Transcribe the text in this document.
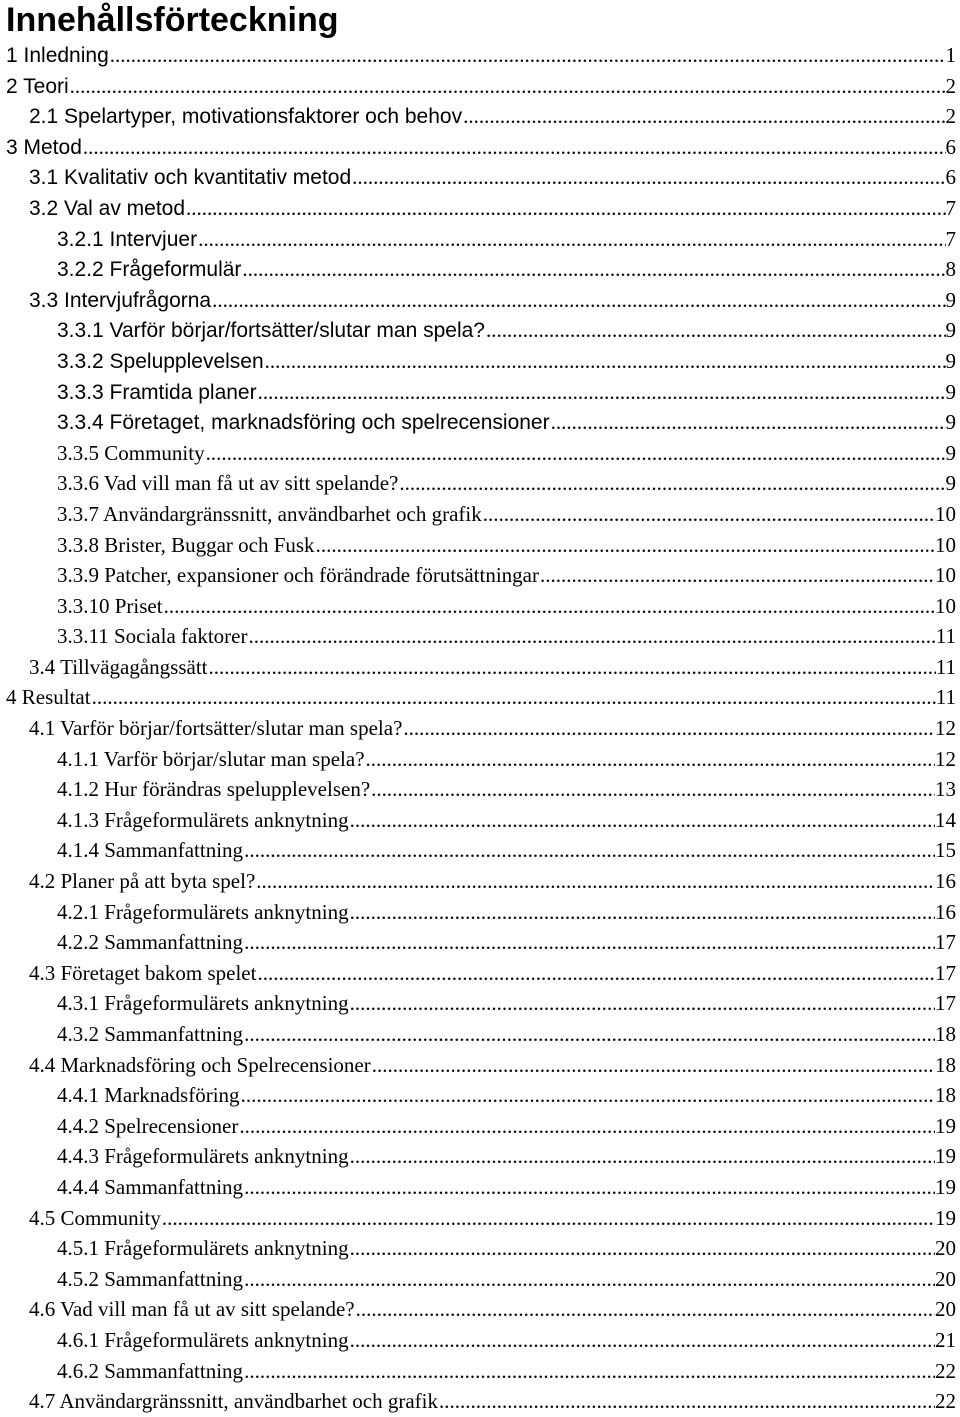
Innehållsförteckning
1 Inledning .....	1
2 Teori .....	2
2.1 Spelartyper, motivationsfaktorer och behov .....	2
3 Metod .....	6
3.1 Kvalitativ och kvantitativ metod .....	6
3.2 Val av metod .....	7
3.2.1 Intervjuer .....	7
3.2.2 Frågeformulär .....	8
3.3 Intervjufrågorna .....	9
3.3.1 Varför börjar/fortsätter/slutar man spela? .....	9
3.3.2 Spelupplevelsen .....	9
3.3.3 Framtida planer .....	9
3.3.4 Företaget, marknadsföring och spelrecensioner .....	9
3.3.5 Community .....	9
3.3.6 Vad vill man få ut av sitt spelande? .....	9
3.3.7 Användargränssnitt, användbarhet och grafik .....	10
3.3.8 Brister, Buggar och Fusk .....	10
3.3.9 Patcher, expansioner och förändrade förutsättningar .....	10
3.3.10 Priset .....	10
3.3.11 Sociala faktorer .....	11
3.4 Tillvägagångssätt .....	11
4 Resultat .....	11
4.1 Varför börjar/fortsätter/slutar man spela? .....	12
4.1.1 Varför börjar/slutar man spela? .....	12
4.1.2 Hur förändras spelupplevelsen? .....	13
4.1.3 Frågeformulärets anknytning .....	14
4.1.4 Sammanfattning .....	15
4.2 Planer på att byta spel? .....	16
4.2.1 Frågeformulärets anknytning .....	16
4.2.2 Sammanfattning .....	17
4.3 Företaget bakom spelet .....	17
4.3.1 Frågeformulärets anknytning .....	17
4.3.2 Sammanfattning .....	18
4.4 Marknadsföring och Spelrecensioner .....	18
4.4.1 Marknadsföring .....	18
4.4.2 Spelrecensioner .....	19
4.4.3 Frågeformulärets anknytning .....	19
4.4.4 Sammanfattning .....	19
4.5 Community .....	19
4.5.1 Frågeformulärets anknytning .....	20
4.5.2 Sammanfattning .....	20
4.6 Vad vill man få ut av sitt spelande? .....	20
4.6.1 Frågeformulärets anknytning .....	21
4.6.2 Sammanfattning .....	22
4.7 Användargränssnitt, användbarhet och grafik .....	22
